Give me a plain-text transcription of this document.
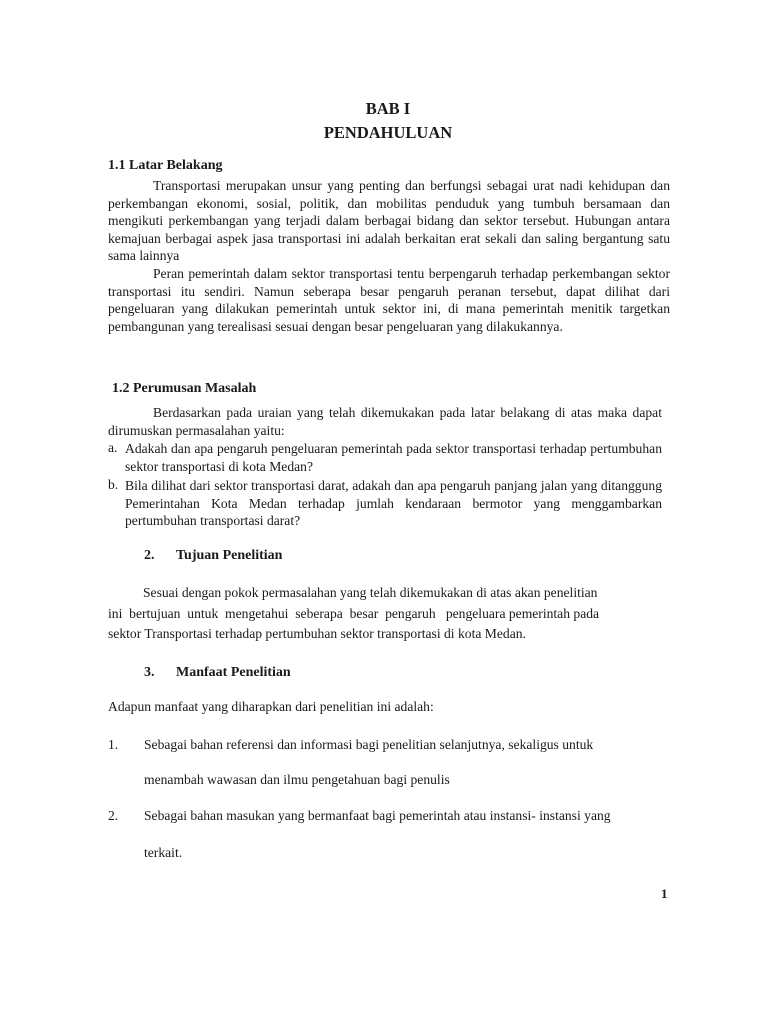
BAB I
PENDAHULUAN
1.1 Latar Belakang
Transportasi merupakan unsur yang penting dan berfungsi sebagai urat nadi kehidupan dan perkembangan ekonomi, sosial, politik, dan mobilitas penduduk yang tumbuh bersamaan dan mengikuti perkembangan yang terjadi dalam berbagai bidang dan sektor tersebut. Hubungan antara kemajuan berbagai aspek jasa transportasi ini adalah berkaitan erat sekali dan saling bergantung satu sama lainnya
Peran pemerintah dalam sektor transportasi tentu berpengaruh terhadap perkembangan sektor transportasi itu sendiri. Namun seberapa besar pengaruh peranan tersebut, dapat dilihat dari pengeluaran yang dilakukan pemerintah untuk sektor ini, di mana pemerintah menitik targetkan pembangunan yang terealisasi sesuai dengan besar pengeluaran yang dilakukannya.
1.2 Perumusan Masalah
Berdasarkan pada uraian yang telah dikemukakan pada latar belakang di atas maka dapat dirumuskan permasalahan yaitu:
a. Adakah dan apa pengaruh pengeluaran pemerintah pada sektor transportasi terhadap pertumbuhan sektor transportasi di kota Medan?
b. Bila dilihat dari sektor transportasi darat, adakah dan apa pengaruh panjang jalan yang ditanggung Pemerintahan Kota Medan terhadap jumlah kendaraan bermotor yang menggambarkan pertumbuhan transportasi darat?
2. Tujuan Penelitian
Sesuai dengan pokok permasalahan yang telah dikemukakan di atas akan penelitian
ini  bertujuan  untuk  mengetahui  seberapa  besar  pengaruh   pengeluara pemerintah pada
sektor Transportasi terhadap pertumbuhan sektor transportasi di kota Medan.
3. Manfaat Penelitian
Adapun manfaat yang diharapkan dari penelitian ini adalah:
1. Sebagai bahan referensi dan informasi bagi penelitian selanjutnya, sekaligus untuk
menambah wawasan dan ilmu pengetahuan bagi penulis
2. Sebagai bahan masukan yang bermanfaat bagi pemerintah atau instansi- instansi yang
terkait.
1
